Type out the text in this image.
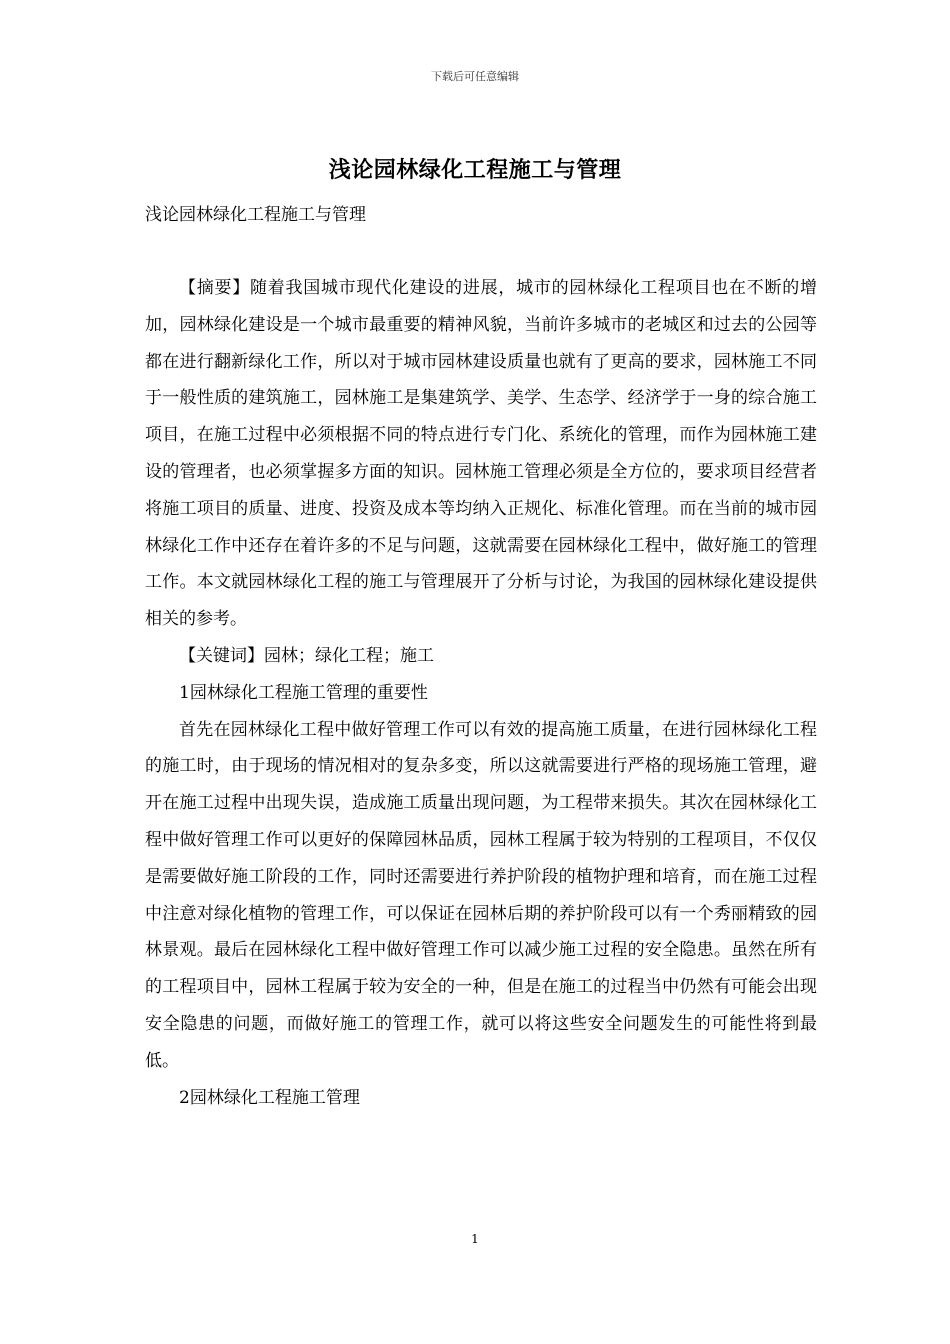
下载后可任意编辑
浅论园林绿化工程施工与管理
浅论园林绿化工程施工与管理

【摘要】随着我国城市现代化建设的进展，城市的园林绿化工程项目也在不断的增加，园林绿化建设是一个城市最重要的精神风貌，当前许多城市的老城区和过去的公园等都在进行翻新绿化工作，所以对于城市园林建设质量也就有了更高的要求，园林施工不同于一般性质的建筑施工，园林施工是集建筑学、美学、生态学、经济学于一身的综合施工项目，在施工过程中必须根据不同的特点进行专门化、系统化的管理，而作为园林施工建设的管理者，也必须掌握多方面的知识。园林施工管理必须是全方位的，要求项目经营者将施工项目的质量、进度、投资及成本等均纳入正规化、标准化管理。而在当前的城市园林绿化工作中还存在着许多的不足与问题，这就需要在园林绿化工程中，做好施工的管理工作。本文就园林绿化工程的施工与管理展开了分析与讨论，为我国的园林绿化建设提供相关的参考。

【关键词】园林；绿化工程；施工

1园林绿化工程施工管理的重要性

首先在园林绿化工程中做好管理工作可以有效的提高施工质量，在进行园林绿化工程的施工时，由于现场的情况相对的复杂多变，所以这就需要进行严格的现场施工管理，避开在施工过程中出现失误，造成施工质量出现问题，为工程带来损失。其次在园林绿化工程中做好管理工作可以更好的保障园林品质，园林工程属于较为特别的工程项目，不仅仅是需要做好施工阶段的工作，同时还需要进行养护阶段的植物护理和培育，而在施工过程中注意对绿化植物的管理工作，可以保证在园林后期的养护阶段可以有一个秀丽精致的园林景观。最后在园林绿化工程中做好管理工作可以减少施工过程的安全隐患。虽然在所有的工程项目中，园林工程属于较为安全的一种，但是在施工的过程当中仍然有可能会出现安全隐患的问题，而做好施工的管理工作，就可以将这些安全问题发生的可能性将到最低。

2园林绿化工程施工管理

1
